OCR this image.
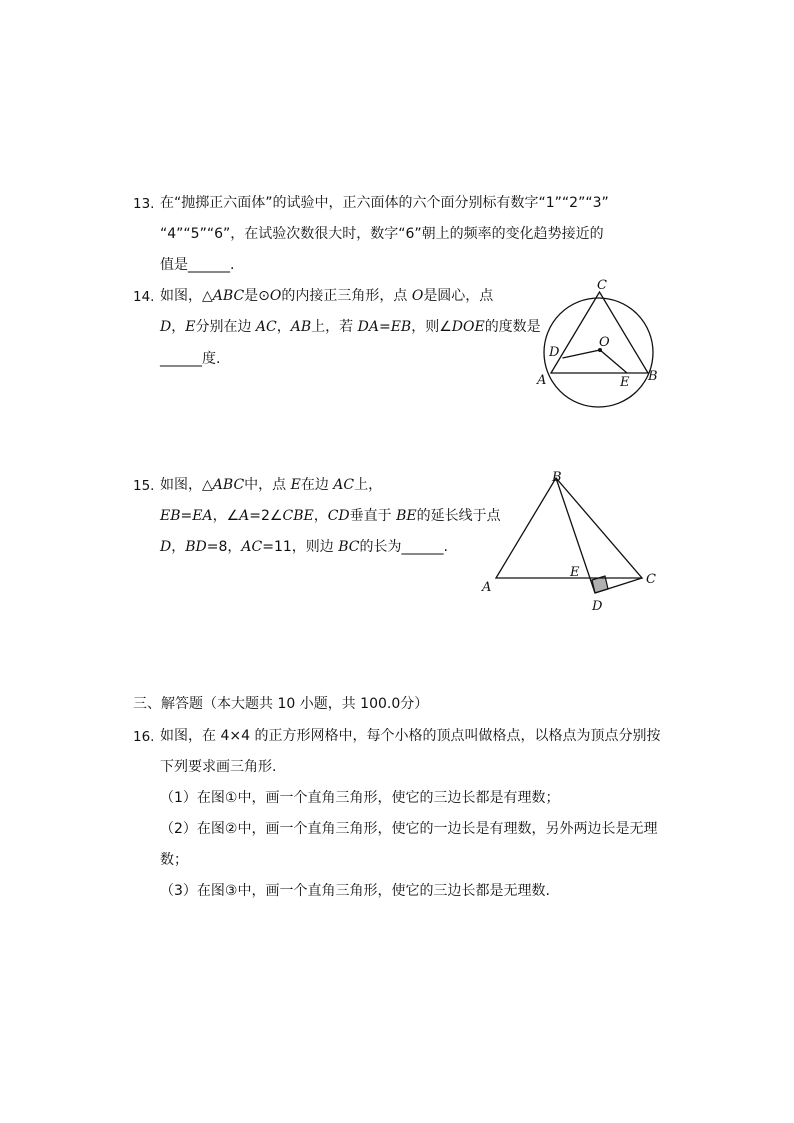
13. 在“抛掷正六面体”的试验中，正六面体的六个面分别标有数字“1”“2”“3”
“4”“5”“6”，在试验次数很大时，数字“6”朝上的频率的变化趋势接近的
值是______.
14. 如图，△ABC是⊙O的内接正三角形，点 O是圆心，点
D，E分别在边 AC，AB上，若 DA=EB，则∠DOE的度数是
______度.
C
A	B
D
O
E
15. 如图，△ABC中，点 E在边 AC上，
EB=EA，∠A=2∠CBE，CD垂直于 BE的延长线于点
D，BD=8，AC=11，则边 BC的长为______.
B
A
C
E
D
三、解答题（本大题共 10 小题，共 100.0分）
16. 如图，在 4×4 的正方形网格中，每个小格的顶点叫做格点，以格点为顶点分别按
下列要求画三角形.
（1）在图①中，画一个直角三角形，使它的三边长都是有理数；
（2）在图②中，画一个直角三角形，使它的一边长是有理数，另外两边长是无理
数；
（3）在图③中，画一个直角三角形，使它的三边长都是无理数.
